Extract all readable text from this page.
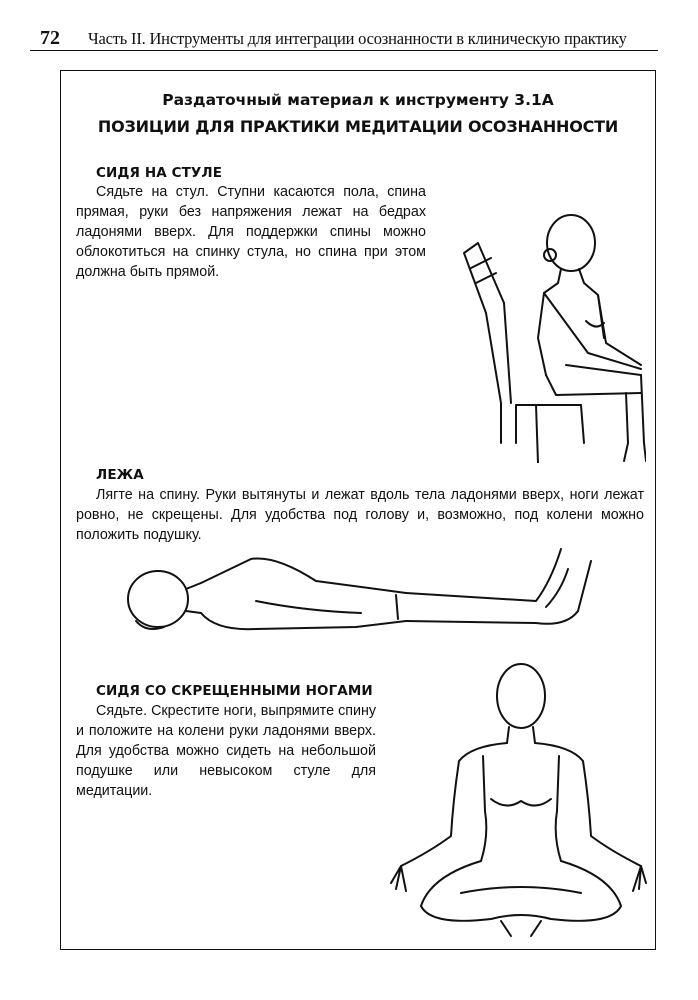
72 Часть II. Инструменты для интеграции осознанности в клиническую практику
Раздаточный материал к инструменту 3.1А
ПОЗИЦИИ ДЛЯ ПРАКТИКИ МЕДИТАЦИИ ОСОЗНАННОСТИ
СИДЯ НА СТУЛЕ
Сядьте на стул. Ступни касаются пола, спина прямая, руки без напряжения лежат на бедрах ладонями вверх. Для поддержки спины можно облокотиться на спинку стула, но спина при этом должна быть прямой.
ЛЕЖА
Лягте на спину. Руки вытянуты и лежат вдоль тела ладонями вверх, ноги лежат ровно, не скрещены. Для удобства под голову и, возможно, под колени можно положить подушку.
СИДЯ СО СКРЕЩЕННЫМИ НОГАМИ
Сядьте. Скрестите ноги, выпрямите спину и положите на колени руки ладонями вверх. Для удобства можно сидеть на небольшой подушке или невысоком стуле для медитации.
